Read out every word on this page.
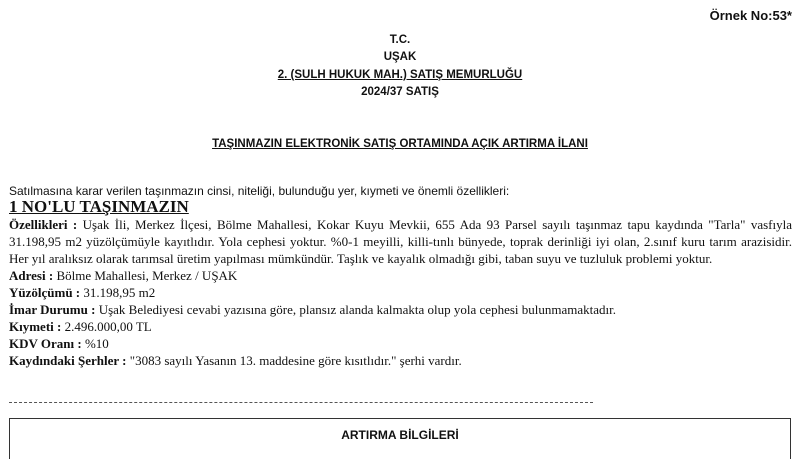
Örnek No:53*
T.C.
UŞAK
2. (SULH HUKUK MAH.) SATIŞ MEMURLUĞU
2024/37 SATIŞ
TAŞINMAZIN ELEKTRONİK SATIŞ ORTAMINDA AÇIK ARTIRMA İLANI
Satılmasına karar verilen taşınmazın cinsi, niteliği, bulunduğu yer, kıymeti ve önemli özellikleri:
1 NO'LU TAŞINMAZIN

Özellikleri : Uşak İli, Merkez İlçesi, Bölme Mahallesi, Kokar Kuyu Mevkii, 655 Ada 93 Parsel sayılı taşınmaz tapu kaydında "Tarla" vasfıyla 31.198,95 m2 yüzölçümüyle kayıtlıdır. Yola cephesi yoktur. %0-1 meyilli, killi-tınlı bünyede, toprak derinliği iyi olan, 2.sınıf kuru tarım arazisidir. Her yıl aralıksız olarak tarımsal üretim yapılması mümkündür. Taşlık ve kayalık olmadığı gibi, taban suyu ve tuzluluk problemi yoktur.

Adresi : Bölme Mahallesi, Merkez / UŞAK

Yüzölçümü : 31.198,95 m2

İmar Durumu : Uşak Belediyesi cevabi yazısına göre, plansız alanda kalmakta olup yola cephesi bulunmamaktadır.

Kıymeti : 2.496.000,00 TL

KDV Oranı : %10

Kaydındaki Şerhler : "3083 sayılı Yasanın 13. maddesine göre kısıtlıdır." şerhi vardır.

ARTIRMA BİLGİLERİ
